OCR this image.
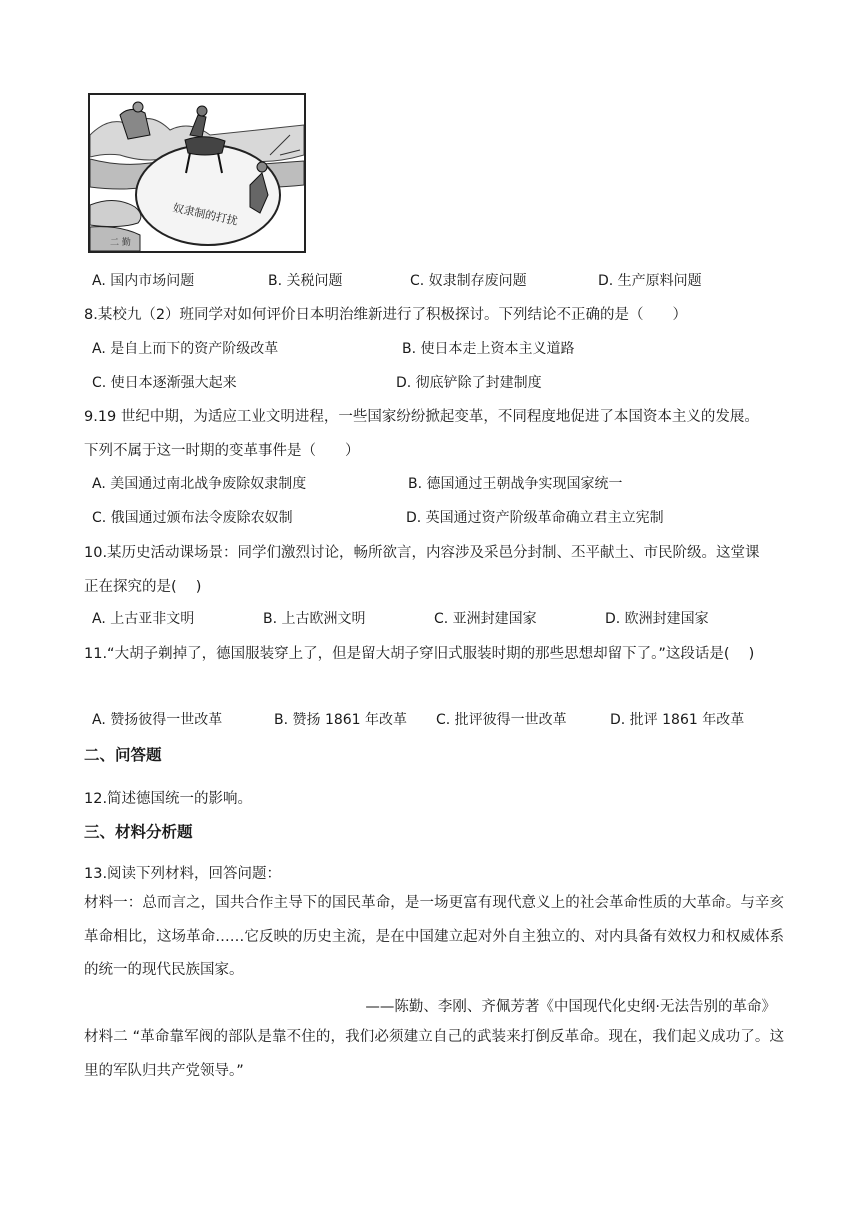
奴隶制的打扰
二 勤
A. 国内市场问题	B. 关税问题	C. 奴隶制存废问题	D. 生产原料问题
8.某校九（2）班同学对如何评价日本明治维新进行了积极探讨。下列结论不正确的是（　　）
A. 是自上而下的资产阶级改革	B. 使日本走上资本主义道路
C. 使日本逐渐强大起来	D. 彻底铲除了封建制度
9.19 世纪中期，为适应工业文明进程，一些国家纷纷掀起变革，不同程度地促进了本国资本主义的发展。
下列不属于这一时期的变革事件是（　　）
A. 美国通过南北战争废除奴隶制度	B. 德国通过王朝战争实现国家统一
C. 俄国通过颁布法令废除农奴制	D. 英国通过资产阶级革命确立君主立宪制
10.某历史活动课场景：同学们激烈讨论，畅所欲言，内容涉及采邑分封制、丕平献土、市民阶级。这堂课
正在探究的是(　 )
A. 上古亚非文明	B. 上古欧洲文明	C. 亚洲封建国家	D. 欧洲封建国家
11.“大胡子剃掉了，德国服装穿上了，但是留大胡子穿旧式服装时期的那些思想却留下了。”这段话是(　 )
A. 赞扬彼得一世改革	B. 赞扬 1861 年改革 C. 批评彼得一世改革	D. 批评 1861 年改革
二、问答题
12.简述德国统一的影响。
三、材料分析题
13.阅读下列材料，回答问题：
材料一：总而言之，国共合作主导下的国民革命，是一场更富有现代意义上的社会革命性质的大革命。与辛亥革命相比，这场革命……它反映的历史主流，是在中国建立起对外自主独立的、对内具备有效权力和权威体系的统一的现代民族国家。
——陈勤、李刚、齐佩芳著《中国现代化史纲·无法告别的革命》
材料二 “革命靠军阀的部队是靠不住的，我们必须建立自己的武装来打倒反革命。现在，我们起义成功了。这里的军队归共产党领导。”
